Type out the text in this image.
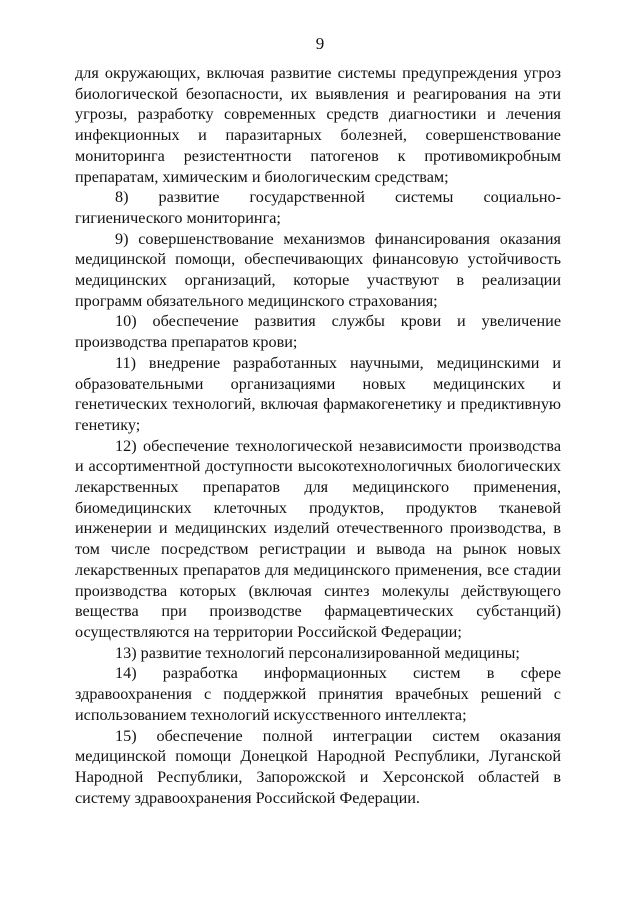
9

для окружающих, включая развитие системы предупреждения угроз биологической безопасности, их выявления и реагирования на эти угрозы, разработку современных средств диагностики и лечения инфекционных и паразитарных болезней, совершенствование мониторинга резистентности патогенов к противомикробным препаратам, химическим и биологическим средствам;

8) развитие государственной системы социально-гигиенического мониторинга;

9) совершенствование механизмов финансирования оказания медицинской помощи, обеспечивающих финансовую устойчивость медицинских организаций, которые участвуют в реализации программ обязательного медицинского страхования;

10) обеспечение развития службы крови и увеличение производства препаратов крови;

11) внедрение разработанных научными, медицинскими и образовательными организациями новых медицинских и генетических технологий, включая фармакогенетику и предиктивную генетику;

12) обеспечение технологической независимости производства и ассортиментной доступности высокотехнологичных биологических лекарственных препаратов для медицинского применения, биомедицинских клеточных продуктов, продуктов тканевой инженерии и медицинских изделий отечественного производства, в том числе посредством регистрации и вывода на рынок новых лекарственных препаратов для медицинского применения, все стадии производства которых (включая синтез молекулы действующего вещества при производстве фармацевтических субстанций) осуществляются на территории Российской Федерации;

13) развитие технологий персонализированной медицины;

14) разработка информационных систем в сфере здравоохранения с поддержкой принятия врачебных решений с использованием технологий искусственного интеллекта;

15) обеспечение полной интеграции систем оказания медицинской помощи Донецкой Народной Республики, Луганской Народной Республики, Запорожской и Херсонской областей в систему здравоохранения Российской Федерации.
